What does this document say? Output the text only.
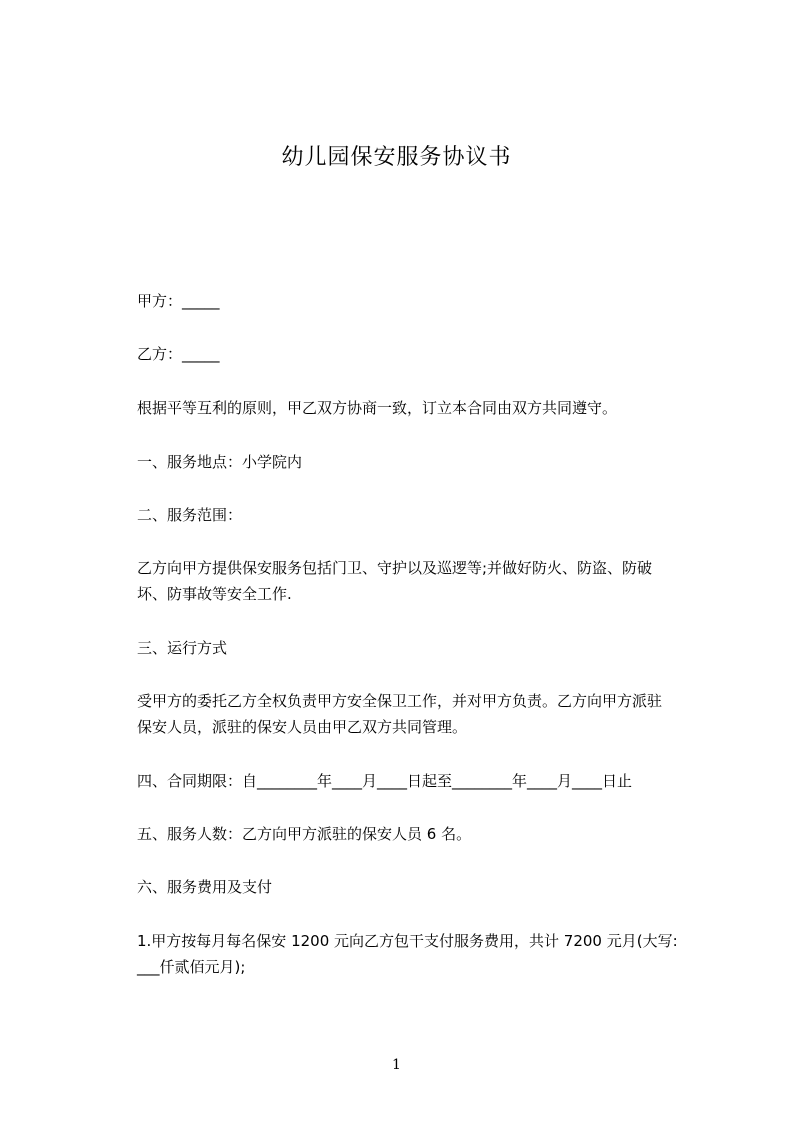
幼儿园保安服务协议书
甲方：_____
乙方：_____
根据平等互利的原则，甲乙双方协商一致，订立本合同由双方共同遵守。
一、服务地点：小学院内
二、服务范围：
乙方向甲方提供保安服务包括门卫、守护以及巡逻等;并做好防火、防盗、防破
坏、防事故等安全工作.
三、运行方式
受甲方的委托乙方全权负责甲方安全保卫工作，并对甲方负责。乙方向甲方派驻
保安人员，派驻的保安人员由甲乙双方共同管理。
四、合同期限：自________年____月____日起至________年____月____日止
五、服务人数：乙方向甲方派驻的保安人员 6 名。
六、服务费用及支付
1.甲方按每月每名保安 1200 元向乙方包干支付服务费用，共计 7200 元月(大写:
___仟贰佰元月);
1
